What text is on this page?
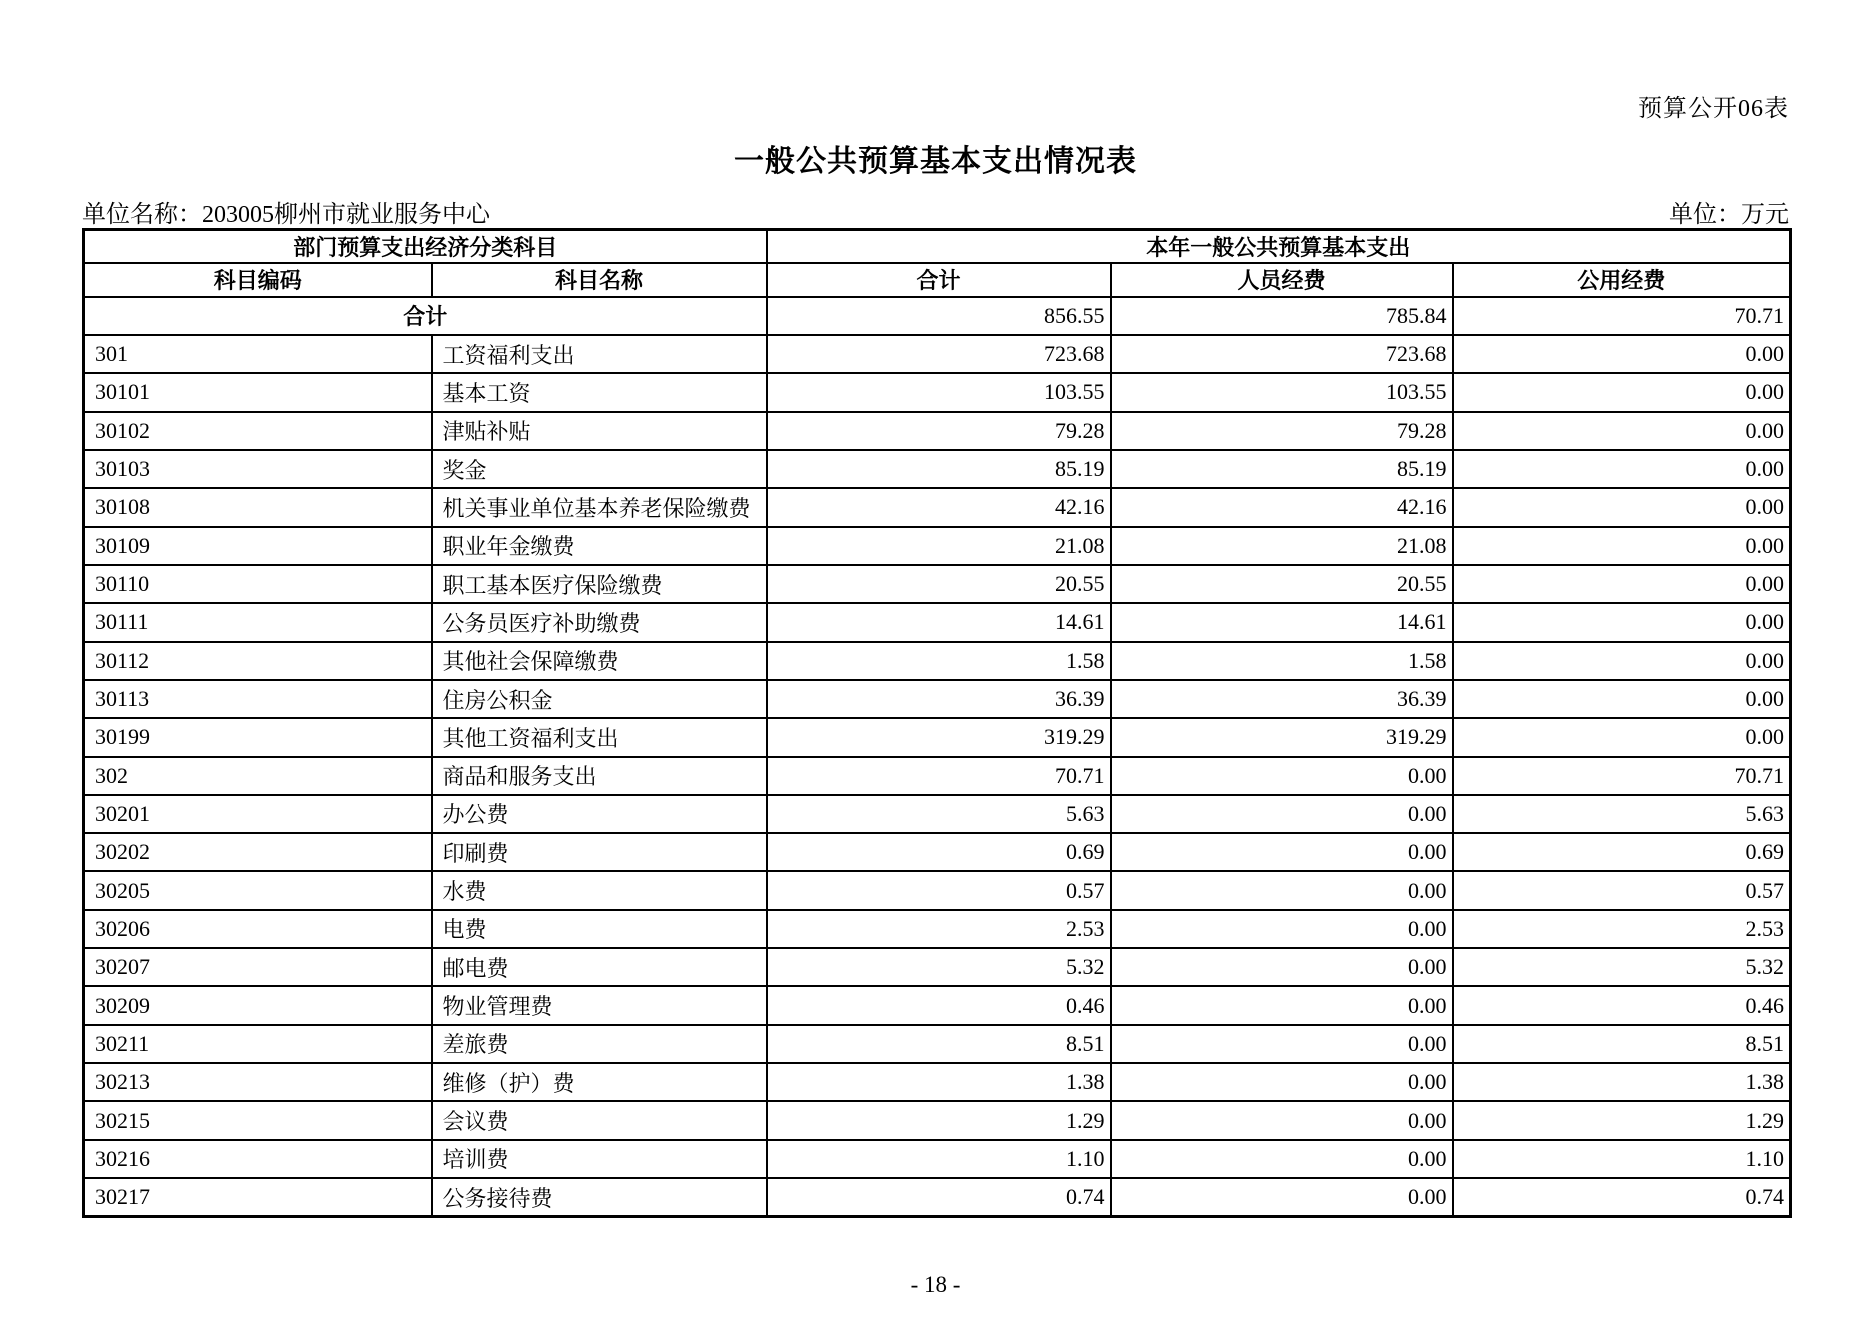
预算公开06表
一般公共预算基本支出情况表
单位名称：203005柳州市就业服务中心	单位：万元
部门预算支出经济分类科目		本年一般公共预算基本支出		
科目编码	科目名称	合计	人员经费	公用经费
合计		856.55	785.84	70.71
301	工资福利支出	723.68	723.68	0.00
30101	基本工资	103.55	103.55	0.00
30102	津贴补贴	79.28	79.28	0.00
30103	奖金	85.19	85.19	0.00
30108	机关事业单位基本养老保险缴费	42.16	42.16	0.00
30109	职业年金缴费	21.08	21.08	0.00
30110	职工基本医疗保险缴费	20.55	20.55	0.00
30111	公务员医疗补助缴费	14.61	14.61	0.00
30112	其他社会保障缴费	1.58	1.58	0.00
30113	住房公积金	36.39	36.39	0.00
30199	其他工资福利支出	319.29	319.29	0.00
302	商品和服务支出	70.71	0.00	70.71
30201	办公费	5.63	0.00	5.63
30202	印刷费	0.69	0.00	0.69
30205	水费	0.57	0.00	0.57
30206	电费	2.53	0.00	2.53
30207	邮电费	5.32	0.00	5.32
30209	物业管理费	0.46	0.00	0.46
30211	差旅费	8.51	0.00	8.51
30213	维修（护）费	1.38	0.00	1.38
30215	会议费	1.29	0.00	1.29
30216	培训费	1.10	0.00	1.10
30217	公务接待费	0.74	0.00	0.74
- 18 -
